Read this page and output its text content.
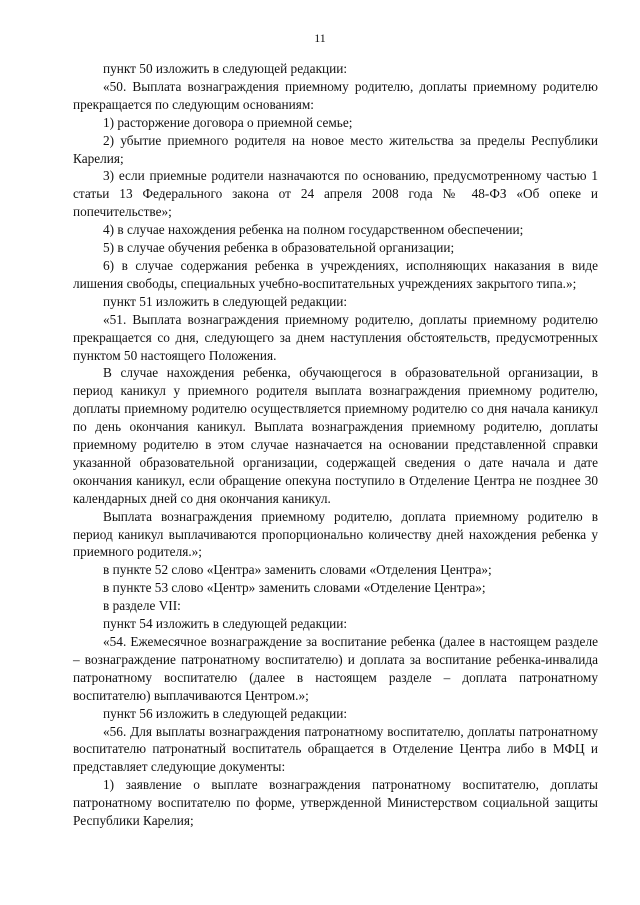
11

пункт 50 изложить в следующей редакции:

«50. Выплата вознаграждения приемному родителю, доплаты приемному родителю прекращается по следующим основаниям:

1) расторжение договора о приемной семье;

2) убытие приемного родителя на новое место жительства за пределы Республики Карелия;

3) если приемные родители назначаются по основанию, предусмотренному частью 1 статьи 13 Федерального закона от 24 апреля 2008 года № 48-ФЗ «Об опеке и попечительстве»;

4) в случае нахождения ребенка на полном государственном обеспечении;

5) в случае обучения ребенка в образовательной организации;

6) в случае содержания ребенка в учреждениях, исполняющих наказания в виде лишения свободы, специальных учебно-воспитательных учреждениях закрытого типа.»;

пункт 51 изложить в следующей редакции:

«51. Выплата вознаграждения приемному родителю, доплаты приемному родителю прекращается со дня, следующего за днем наступления обстоятельств, предусмотренных пунктом 50 настоящего Положения.

В случае нахождения ребенка, обучающегося в образовательной организации, в период каникул у приемного родителя выплата вознаграждения приемному родителю, доплаты приемному родителю осуществляется приемному родителю со дня начала каникул по день окончания каникул. Выплата вознаграждения приемному родителю, доплаты приемному родителю в этом случае назначается на основании представленной справки указанной образовательной организации, содержащей сведения о дате начала и дате окончания каникул, если обращение опекуна поступило в Отделение Центра не позднее 30 календарных дней со дня окончания каникул.

Выплата вознаграждения приемному родителю, доплата приемному родителю в период каникул выплачиваются пропорционально количеству дней нахождения ребенка у приемного родителя.»;

в пункте 52 слово «Центра» заменить словами «Отделения Центра»;

в пункте 53 слово «Центр» заменить словами «Отделение Центра»;

в разделе VII:

пункт 54 изложить в следующей редакции:

«54. Ежемесячное вознаграждение за воспитание ребенка (далее в настоящем разделе – вознаграждение патронатному воспитателю) и доплата за воспитание ребенка-инвалида патронатному воспитателю (далее в настоящем разделе – доплата патронатному воспитателю) выплачиваются Центром.»;

пункт 56 изложить в следующей редакции:

«56. Для выплаты вознаграждения патронатному воспитателю, доплаты патронатному воспитателю патронатный воспитатель обращается в Отделение Центра либо в МФЦ и представляет следующие документы:

1) заявление о выплате вознаграждения патронатному воспитателю, доплаты патронатному воспитателю по форме, утвержденной Министерством социальной защиты Республики Карелия;
